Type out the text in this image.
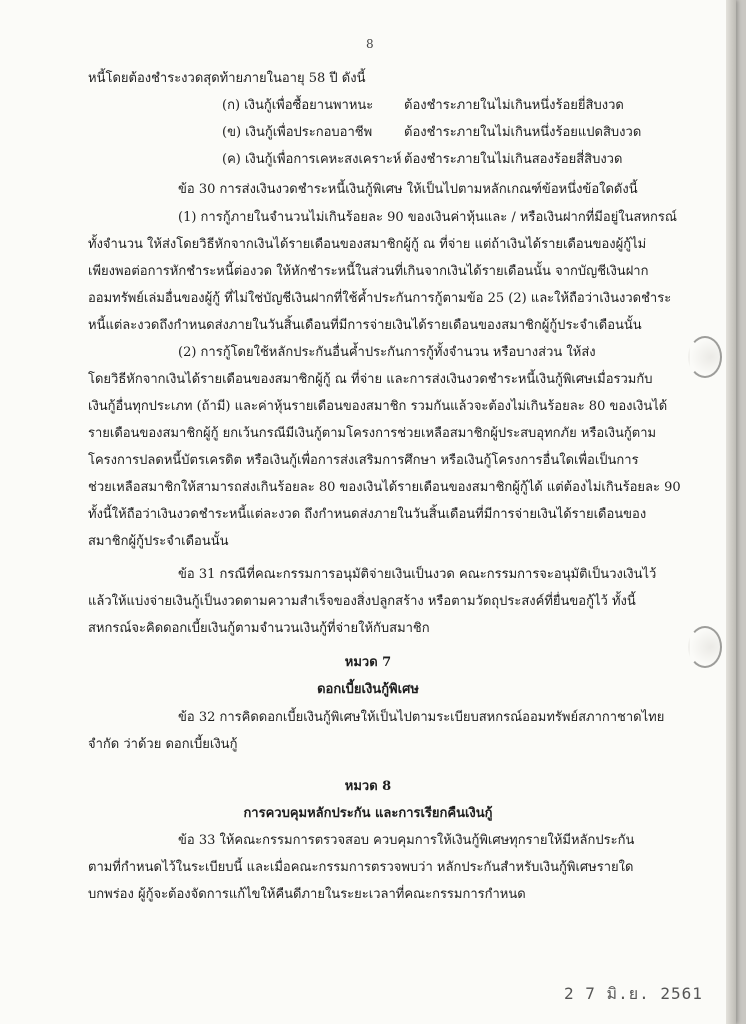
8

หนี้โดยต้องชำระงวดสุดท้ายภายในอายุ 58 ปี ดังนี้

(ก) เงินกู้เพื่อซื้อยานพาหนะ ต้องชำระภายในไม่เกินหนึ่งร้อยยี่สิบงวด

(ข) เงินกู้เพื่อประกอบอาชีพ ต้องชำระภายในไม่เกินหนึ่งร้อยแปดสิบงวด

(ค) เงินกู้เพื่อการเคหะสงเคราะห์ ต้องชำระภายในไม่เกินสองร้อยสี่สิบงวด

ข้อ 30 การส่งเงินงวดชำระหนี้เงินกู้พิเศษ ให้เป็นไปตามหลักเกณฑ์ข้อหนึ่งข้อใดดังนี้

(1) การกู้ภายในจำนวนไม่เกินร้อยละ 90 ของเงินค่าหุ้นและ / หรือเงินฝากที่มีอยู่ในสหกรณ์

ทั้งจำนวน ให้ส่งโดยวิธีหักจากเงินได้รายเดือนของสมาชิกผู้กู้ ณ ที่จ่าย แต่ถ้าเงินได้รายเดือนของผู้กู้ไม่

เพียงพอต่อการหักชำระหนี้ต่องวด ให้หักชำระหนี้ในส่วนที่เกินจากเงินได้รายเดือนนั้น จากบัญชีเงินฝาก

ออมทรัพย์เล่มอื่นของผู้กู้ ที่ไม่ใช่บัญชีเงินฝากที่ใช้ค้ำประกันการกู้ตามข้อ 25 (2) และให้ถือว่าเงินงวดชำระ

หนี้แต่ละงวดถึงกำหนดส่งภายในวันสิ้นเดือนที่มีการจ่ายเงินได้รายเดือนของสมาชิกผู้กู้ประจำเดือนนั้น

(2) การกู้โดยใช้หลักประกันอื่นค้ำประกันการกู้ทั้งจำนวน หรือบางส่วน ให้ส่ง

โดยวิธีหักจากเงินได้รายเดือนของสมาชิกผู้กู้ ณ ที่จ่าย และการส่งเงินงวดชำระหนี้เงินกู้พิเศษเมื่อรวมกับ

เงินกู้อื่นทุกประเภท (ถ้ามี) และค่าหุ้นรายเดือนของสมาชิก รวมกันแล้วจะต้องไม่เกินร้อยละ 80 ของเงินได้

รายเดือนของสมาชิกผู้กู้ ยกเว้นกรณีมีเงินกู้ตามโครงการช่วยเหลือสมาชิกผู้ประสบอุทกภัย หรือเงินกู้ตาม

โครงการปลดหนี้บัตรเครดิต หรือเงินกู้เพื่อการส่งเสริมการศึกษา หรือเงินกู้โครงการอื่นใดเพื่อเป็นการ

ช่วยเหลือสมาชิกให้สามารถส่งเกินร้อยละ 80 ของเงินได้รายเดือนของสมาชิกผู้กู้ได้ แต่ต้องไม่เกินร้อยละ 90

ทั้งนี้ให้ถือว่าเงินงวดชำระหนี้แต่ละงวด ถึงกำหนดส่งภายในวันสิ้นเดือนที่มีการจ่ายเงินได้รายเดือนของ

สมาชิกผู้กู้ประจำเดือนนั้น

ข้อ 31 กรณีที่คณะกรรมการอนุมัติจ่ายเงินเป็นงวด คณะกรรมการจะอนุมัติเป็นวงเงินไว้

แล้วให้แบ่งจ่ายเงินกู้เป็นงวดตามความสำเร็จของสิ่งปลูกสร้าง หรือตามวัตถุประสงค์ที่ยื่นขอกู้ไว้ ทั้งนี้

สหกรณ์จะคิดดอกเบี้ยเงินกู้ตามจำนวนเงินกู้ที่จ่ายให้กับสมาชิก

หมวด 7

ดอกเบี้ยเงินกู้พิเศษ

ข้อ 32 การคิดดอกเบี้ยเงินกู้พิเศษให้เป็นไปตามระเบียบสหกรณ์ออมทรัพย์สภากาชาดไทย

จำกัด ว่าด้วย ดอกเบี้ยเงินกู้

หมวด 8

การควบคุมหลักประกัน และการเรียกคืนเงินกู้

ข้อ 33 ให้คณะกรรมการตรวจสอบ ควบคุมการให้เงินกู้พิเศษทุกรายให้มีหลักประกัน

ตามที่กำหนดไว้ในระเบียบนี้ และเมื่อคณะกรรมการตรวจพบว่า หลักประกันสำหรับเงินกู้พิเศษรายใด

บกพร่อง ผู้กู้จะต้องจัดการแก้ไขให้คืนดีภายในระยะเวลาที่คณะกรรมการกำหนด

2 7 มิ.ย. 2561
